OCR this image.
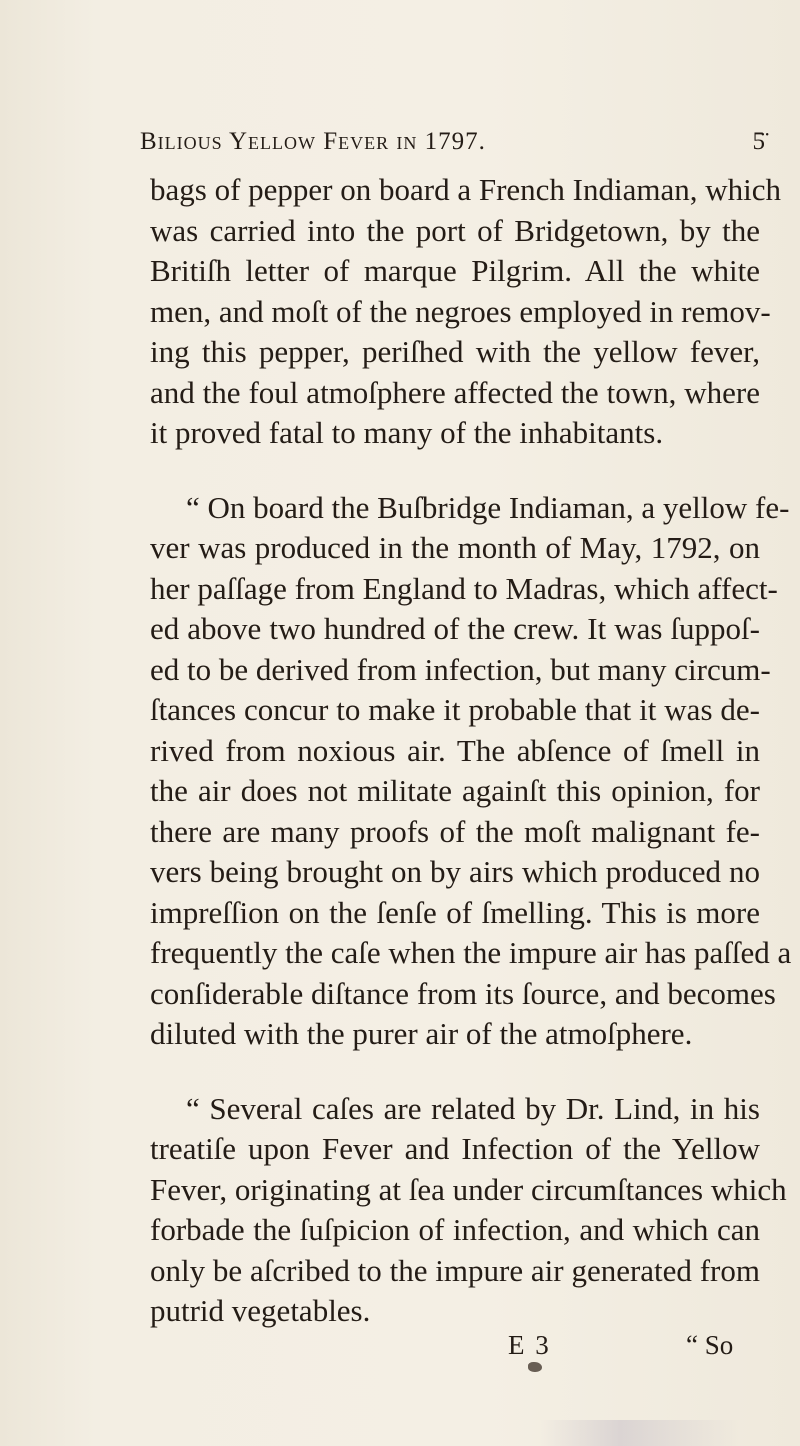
Bilious Yellow Fever in 1797.	5̈
bags of pepper on board a French Indiaman, which
was carried into the port of Bridgetown, by the
Britiſh letter of marque Pilgrim. All the white
men, and moſt of the negroes employed in remov-
ing this pepper, periſhed with the yellow fever,
and the foul atmoſphere affected the town, where
it proved fatal to many of the inhabitants.
“ On board the Buſbridge Indiaman, a yellow fe-
ver was produced in the month of May, 1792, on
her paſſage from England to Madras, which affect-
ed above two hundred of the crew. It was ſuppoſ-
ed to be derived from infection, but many circum-
ſtances concur to make it probable that it was de-
rived from noxious air. The abſence of ſmell in
the air does not militate againſt this opinion, for
there are many proofs of the moſt malignant fe-
vers being brought on by airs which produced no
impreſſion on the ſenſe of ſmelling. This is more
frequently the caſe when the impure air has paſſed a
conſiderable diſtance from its ſource, and becomes
diluted with the purer air of the atmoſphere.
“ Several caſes are related by Dr. Lind, in his
treatiſe upon Fever and Infection of the Yellow
Fever, originating at ſea under circumſtances which
forbade the ſuſpicion of infection, and which can
only be aſcribed to the impure air generated from
putrid vegetables.
E 3	“ So
